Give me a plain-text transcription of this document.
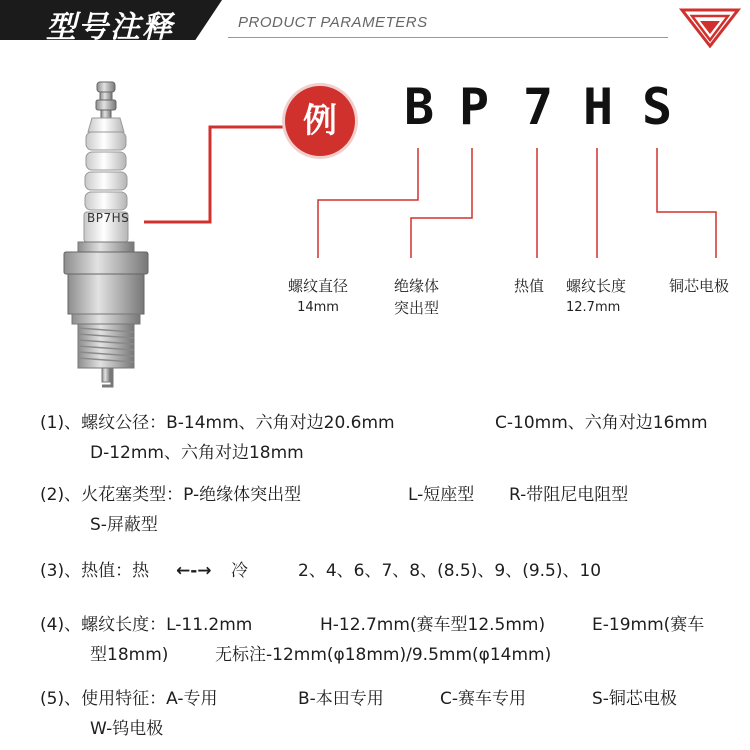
型号注释	PRODUCT PARAMETERS
BP7HS
例	B P 7 H S
螺纹直径
14mm
绝缘体
突出型
热值 螺纹长度
12.7mm
铜芯电极
(1)、螺纹公径：B-14mm、六角对边20.6mm	C-10mm、六角对边16mm
D-12mm、六角对边18mm
(2)、火花塞类型：P-绝缘体突出型	L-短座型 R-带阻尼电阻型
S-屏蔽型
(3)、热值：热 ←-→ 冷	2、4、6、7、8、(8.5)、9、(9.5)、10
(4)、螺纹长度：L-11.2mm	H-12.7mm(赛车型12.5mm)	E-19mm(赛车
型18mm)	无标注-12mm(φ18mm)/9.5mm(φ14mm)
(5)、使用特征：A-专用	B-本田专用	C-赛车专用	S-铜芯电极
W-钨电极
